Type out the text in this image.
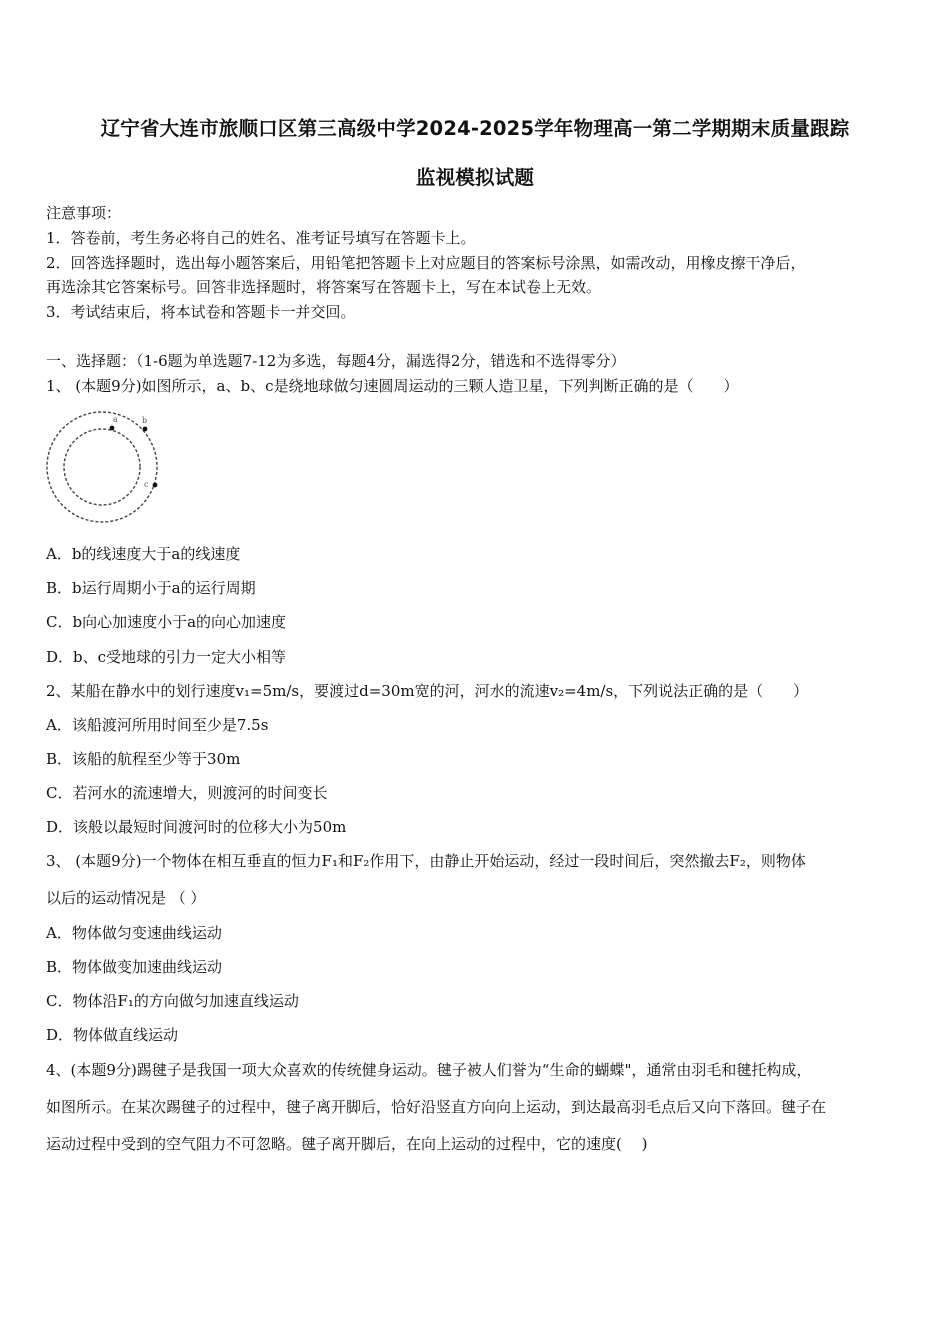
辽宁省大连市旅顺口区第三高级中学2024-2025学年物理高一第二学期期末质量跟踪
监视模拟试题
注意事项：
1．答卷前，考生务必将自己的姓名、准考证号填写在答题卡上。
2．回答选择题时，选出每小题答案后，用铅笔把答题卡上对应题目的答案标号涂黑，如需改动，用橡皮擦干净后，
再选涂其它答案标号。回答非选择题时，将答案写在答题卡上，写在本试卷上无效。
3．考试结束后，将本试卷和答题卡一并交回。
一、选择题：（1-6题为单选题7-12为多选，每题4分，漏选得2分，错选和不选得零分）
1、 (本题9分)如图所示，a、b、c是绕地球做匀速圆周运动的三颗人造卫星，下列判断正确的是（　　）
a	b
c
A．b的线速度大于a的线速度
B．b运行周期小于a的运行周期
C．b向心加速度小于a的向心加速度
D．b、c受地球的引力一定大小相等
2、某船在静水中的划行速度v₁=5m/s，要渡过d=30m宽的河，河水的流速v₂=4m/s，下列说法正确的是（　　）
A．该船渡河所用时间至少是7.5s
B．该船的航程至少等于30m
C．若河水的流速增大，则渡河的时间变长
D．该般以最短时间渡河时的位移大小为50m
3、 (本题9分)一个物体在相互垂直的恒力F₁和F₂作用下，由静止开始运动，经过一段时间后，突然撤去F₂，则物体
以后的运动情况是 （ ）
A．物体做匀变速曲线运动
B．物体做变加速曲线运动
C．物体沿F₁的方向做匀加速直线运动
D．物体做直线运动
4、(本题9分)踢毽子是我国一项大众喜欢的传统健身运动。毽子被人们誉为“生命的蝴蝶"，通常由羽毛和毽托构成，
如图所示。在某次踢毽子的过程中，毽子离开脚后，恰好沿竖直方向向上运动，到达最高羽毛点后又向下落回。毽子在
运动过程中受到的空气阻力不可忽略。毽子离开脚后，在向上运动的过程中，它的速度(　 )
